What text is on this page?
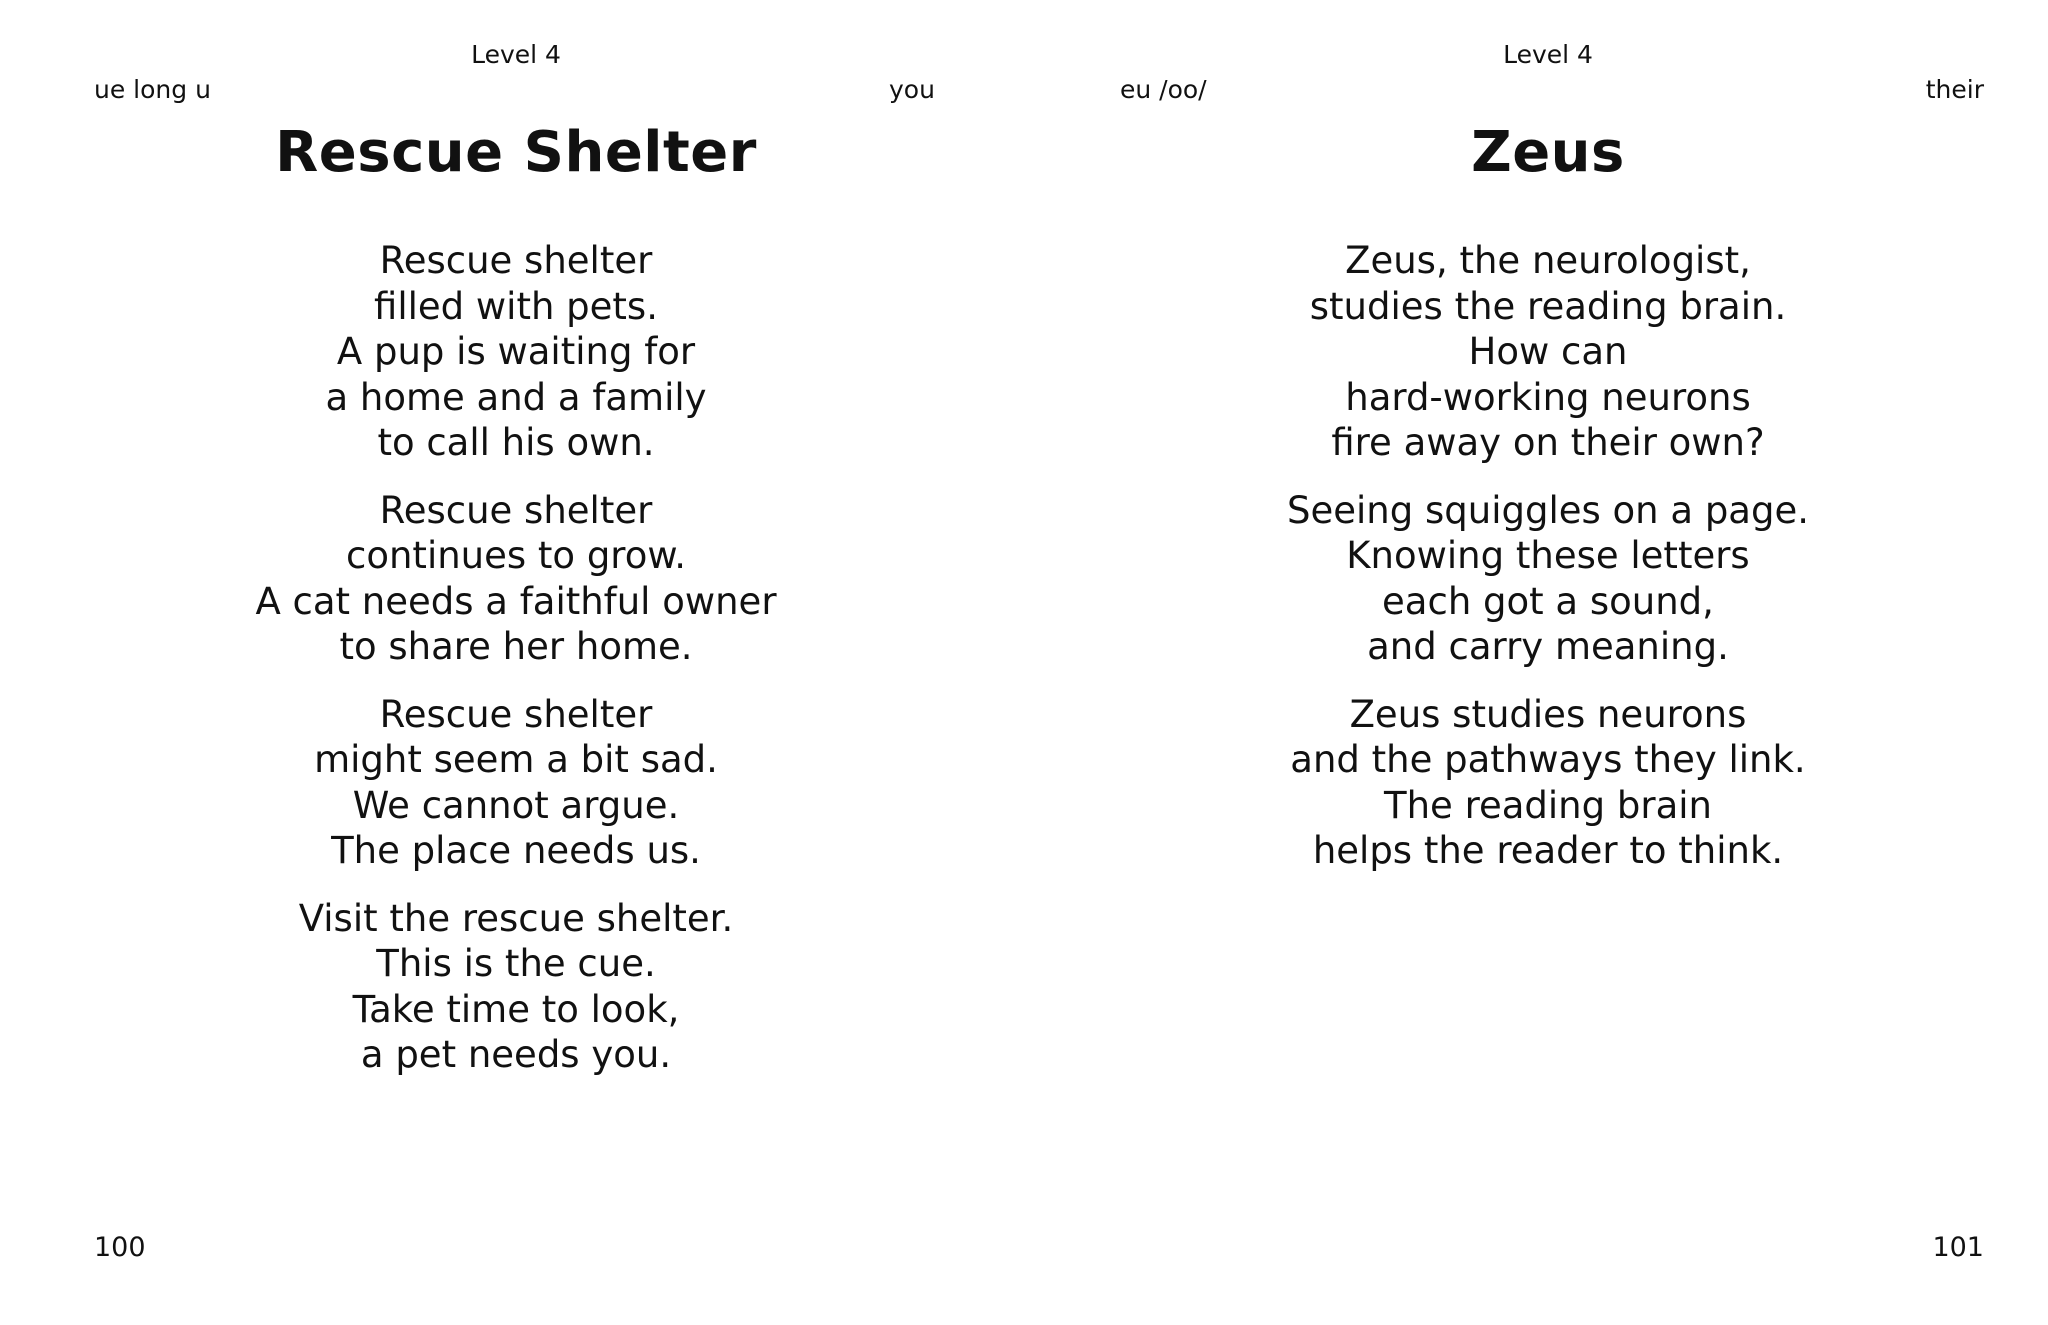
Level 4
ue long u	you
Rescue Shelter
Rescue shelter
filled with pets.
A pup is waiting for
a home and a family
to call his own.
Rescue shelter
continues to grow.
A cat needs a faithful owner
to share her home.
Rescue shelter
might seem a bit sad.
We cannot argue.
The place needs us.
Visit the rescue shelter.
This is the cue.
Take time to look,
a pet needs you.
100
Level 4
eu /oo/	their
Zeus
Zeus, the neurologist,
studies the reading brain.
How can
hard-working neurons
fire away on their own?
Seeing squiggles on a page.
Knowing these letters
each got a sound,
and carry meaning.
Zeus studies neurons
and the pathways they link.
The reading brain
helps the reader to think.
101
